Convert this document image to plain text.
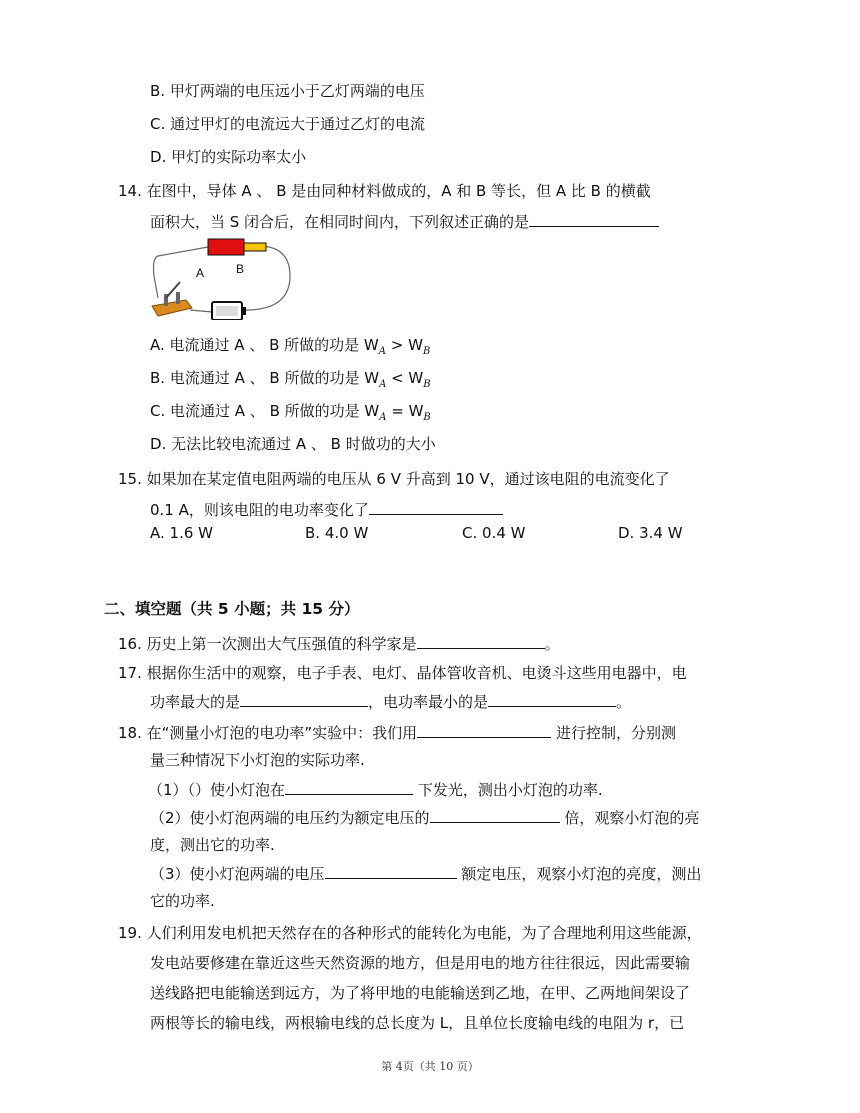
B. 甲灯两端的电压远小于乙灯两端的电压
C. 通过甲灯的电流远大于通过乙灯的电流
D. 甲灯的实际功率太小
14. 在图中，导体 A 、 B 是由同种材料做成的，A 和 B 等长，但 A 比 B 的横截
面积大，当 S 闭合后，在相同时间内，下列叙述正确的是
A	B
A. 电流通过 A 、 B 所做的功是 $W_A > W_B$
B. 电流通过 A 、 B 所做的功是 $W_A < W_B$
C. 电流通过 A 、 B 所做的功是 $W_A = W_B$
D. 无法比较电流通过 A 、 B 时做功的大小
15. 如果加在某定值电阻两端的电压从 6 V 升高到 10 V，通过该电阻的电流变化了
0.1 A，则该电阻的电功率变化了
A. 1.6 W	B. 4.0 W	C. 0.4 W	D. 3.4 W
二、填空题（共 5 小题；共 15 分）
16. 历史上第一次测出大气压强值的科学家是	。
17. 根据你生活中的观察，电子手表、电灯、晶体管收音机、电烫斗这些用电器中，电
功率最大的是	，电功率最小的是	。
18. 在“测量小灯泡的电功率”实验中：我们用	进行控制，分别测
量三种情况下小灯泡的实际功率.
（1）（）使小灯泡在	下发光，测出小灯泡的功率.
（2）使小灯泡两端的电压约为额定电压的	倍，观察小灯泡的亮
度，测出它的功率.
（3）使小灯泡两端的电压	额定电压，观察小灯泡的亮度，测出
它的功率.
19. 人们利用发电机把天然存在的各种形式的能转化为电能，为了合理地利用这些能源，
发电站要修建在靠近这些天然资源的地方，但是用电的地方往往很远，因此需要输
送线路把电能输送到远方，为了将甲地的电能输送到乙地，在甲、乙两地间架设了
两根等长的输电线，两根输电线的总长度为 L，且单位长度输电线的电阻为 r，已
第 4页（共 10 页）
